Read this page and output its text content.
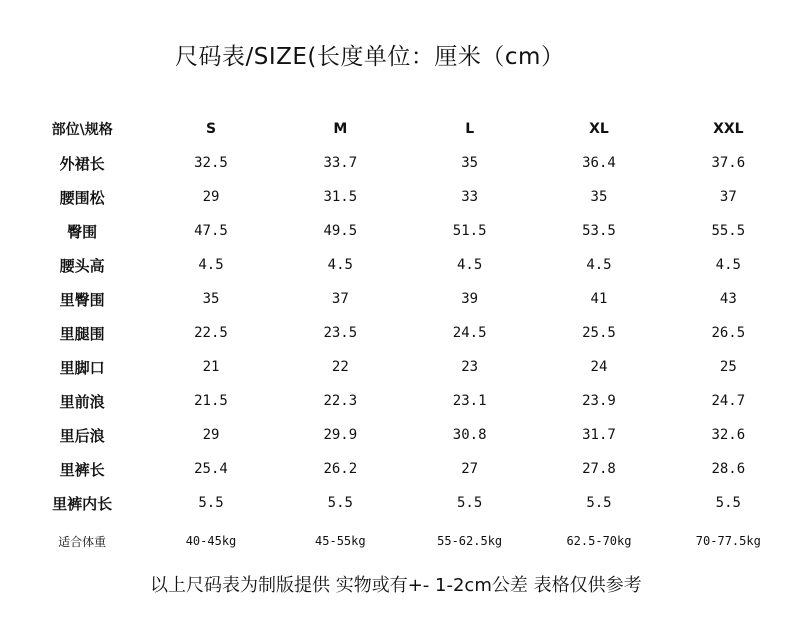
尺码表/SIZE(长度单位：厘米（cm）
部位\规格	S	M	L	XL	XXL
外裙长	32.5	33.7	35	36.4	37.6
腰围松	29	31.5	33	35	37
臀围	47.5	49.5	51.5	53.5	55.5
腰头高	4.5	4.5	4.5	4.5	4.5
里臀围	35	37	39	41	43
里腿围	22.5	23.5	24.5	25.5	26.5
里脚口	21	22	23	24	25
里前浪	21.5	22.3	23.1	23.9	24.7
里后浪	29	29.9	30.8	31.7	32.6
里裤长	25.4	26.2	27	27.8	28.6
里裤内长	5.5	5.5	5.5	5.5	5.5
适合体重	40-45kg	45-55kg	55-62.5kg	62.5-70kg	70-77.5kg
以上尺码表为制版提供 实物或有+- 1-2cm公差 表格仅供参考
